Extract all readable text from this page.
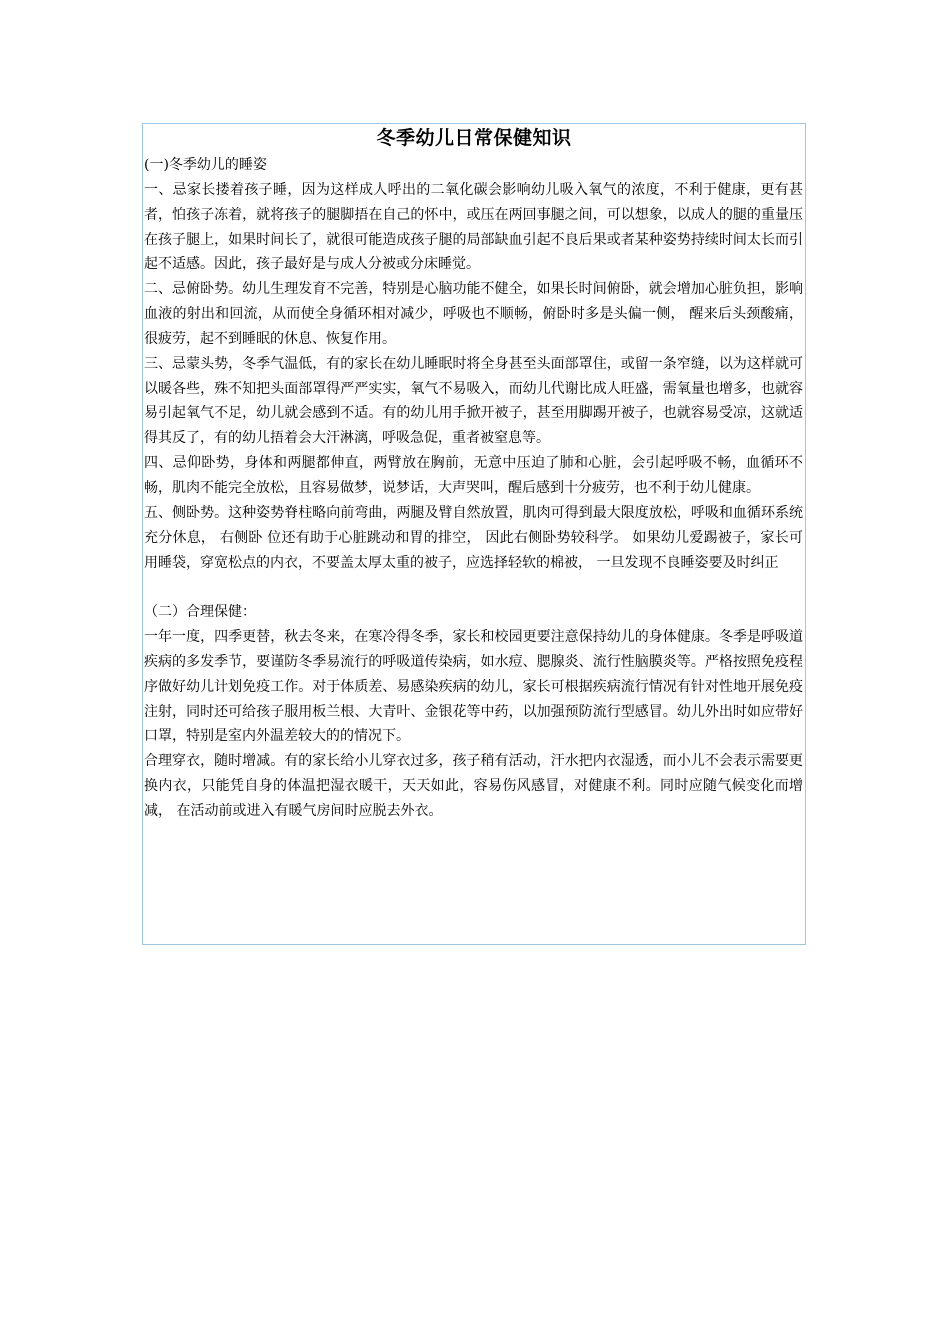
冬季幼儿日常保健知识

(一)冬季幼儿的睡姿

一、忌家长搂着孩子睡，因为这样成人呼出的二氧化碳会影响幼儿吸入氧气的浓度，不利于健康，更有甚者，怕孩子冻着，就将孩子的腿脚捂在自己的怀中，或压在两回事腿之间，可以想象，以成人的腿的重量压在孩子腿上，如果时间长了，就很可能造成孩子腿的局部缺血引起不良后果或者某种姿势持续时间太长而引起不适感。因此，孩子最好是与成人分被或分床睡觉。

二、忌俯卧势。幼儿生理发育不完善，特别是心脑功能不健全，如果长时间俯卧，就会增加心脏负担，影响血液的射出和回流，从而使全身循环相对减少，呼吸也不顺畅，俯卧时多是头偏一侧， 醒来后头颈酸痛，很疲劳，起不到睡眠的休息、恢复作用。

三、忌蒙头势，冬季气温低，有的家长在幼儿睡眠时将全身甚至头面部罩住，或留一条窄缝，以为这样就可以暖各些，殊不知把头面部罩得严严实实，氧气不易吸入，而幼儿代谢比成人旺盛，需氧量也增多，也就容易引起氧气不足，幼儿就会感到不适。有的幼儿用手掀开被子，甚至用脚踢开被子，也就容易受凉，这就适得其反了，有的幼儿捂着会大汗淋漓，呼吸急促，重者被窒息等。

四、忌仰卧势，身体和两腿都伸直，两臂放在胸前，无意中压迫了肺和心脏，会引起呼吸不畅，血循环不畅，肌肉不能完全放松，且容易做梦，说梦话，大声哭叫，醒后感到十分疲劳，也不利于幼儿健康。

五、侧卧势。这种姿势脊柱略向前弯曲，两腿及臂自然放置，肌肉可得到最大限度放松，呼吸和血循环系统充分休息， 右侧卧 位还有助于心脏跳动和胃的排空， 因此右侧卧势较科学。 如果幼儿爱踢被子，家长可用睡袋，穿宽松点的内衣，不要盖太厚太重的被子，应选择轻软的棉被， 一旦发现不良睡姿要及时纠正

（二）合理保健：

一年一度，四季更替，秋去冬来，在寒冷得冬季，家长和校园更要注意保持幼儿的身体健康。冬季是呼吸道疾病的多发季节，要谨防冬季易流行的呼吸道传染病，如水痘、腮腺炎、流行性脑膜炎等。严格按照免疫程序做好幼儿计划免疫工作。对于体质差、易感染疾病的幼儿，家长可根据疾病流行情况有针对性地开展免疫注射，同时还可给孩子服用板兰根、大青叶、金银花等中药，以加强预防流行型感冒。幼儿外出时如应带好口罩，特别是室内外温差较大的的情况下。

合理穿衣，随时增减。有的家长给小儿穿衣过多，孩子稍有活动，汗水把内衣湿透，而小儿不会表示需要更换内衣，只能凭自身的体温把湿衣暖干，天天如此，容易伤风感冒，对健康不利。同时应随气候变化而增减， 在活动前或进入有暖气房间时应脱去外衣。
